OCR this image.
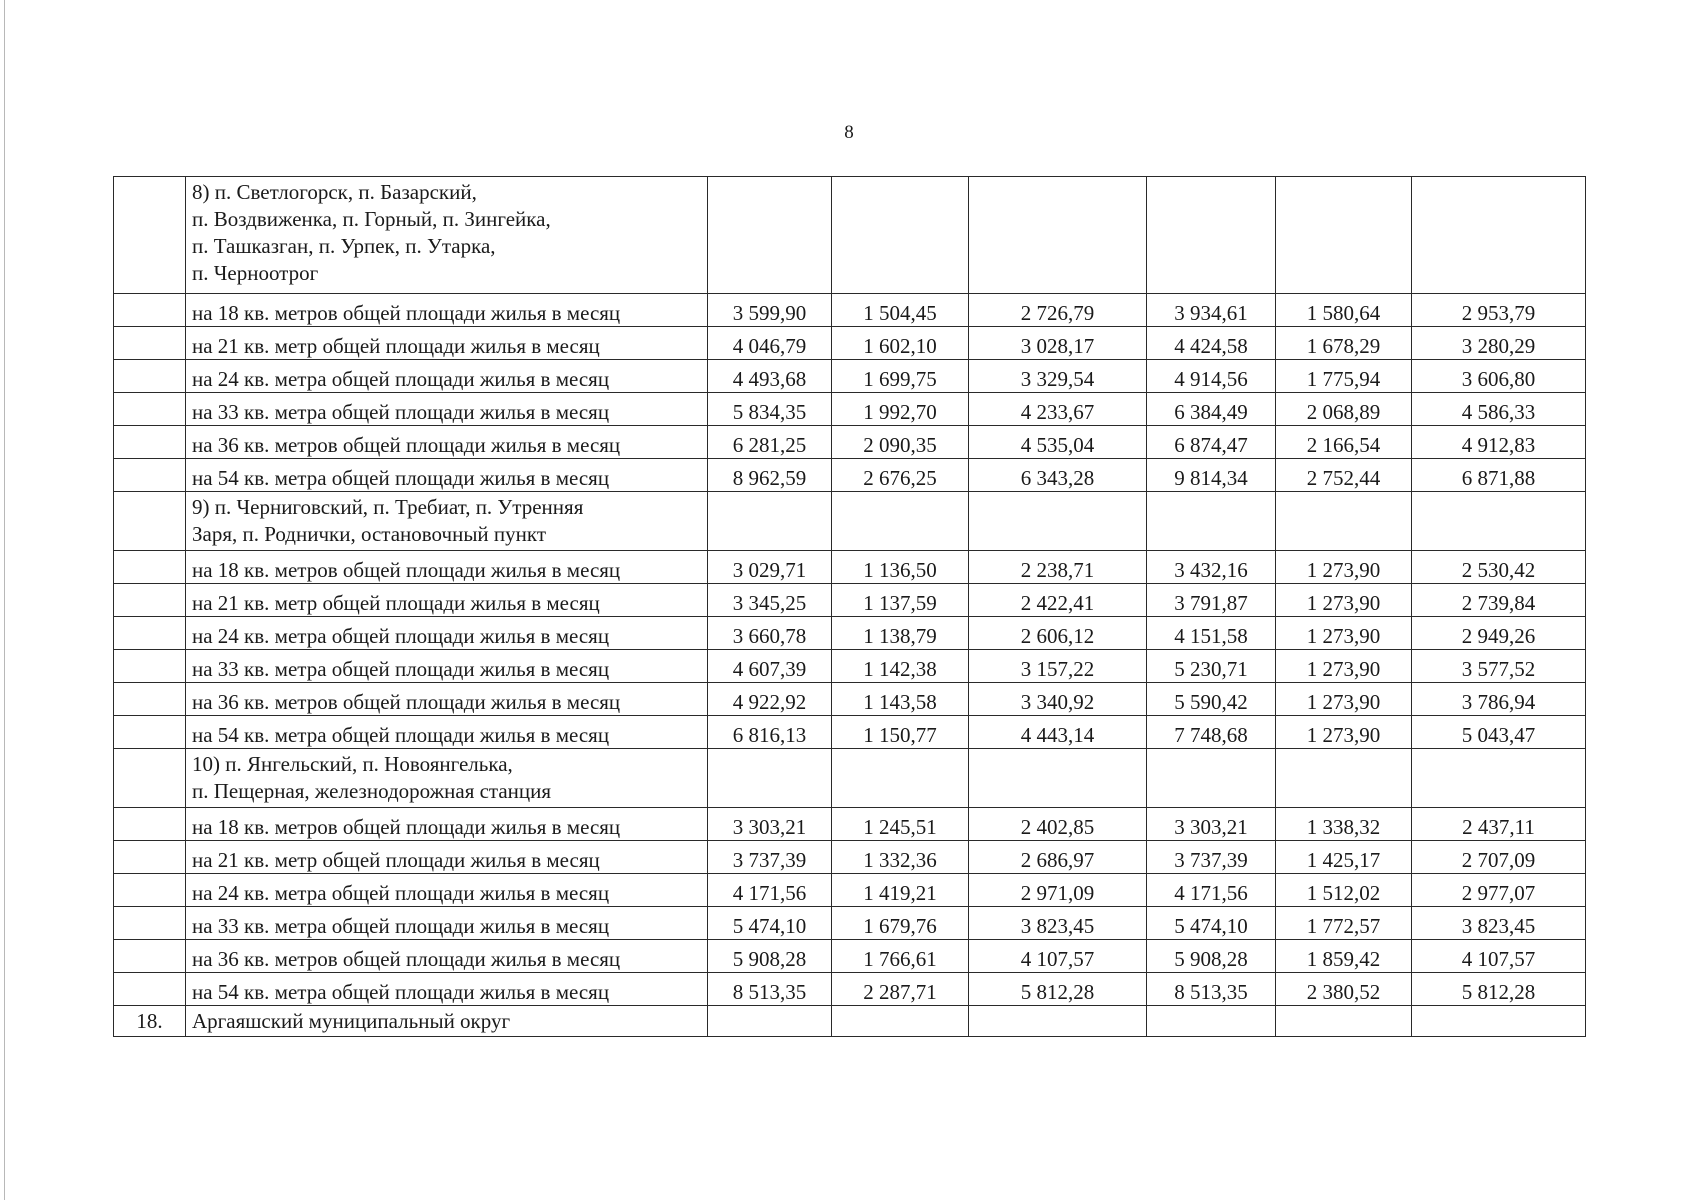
8

	8) п. Светлогорск, п. Базарский,
п. Воздвиженка, п. Горный, п. Зингейка,
п. Ташказган, п. Урпек, п. Утарка,
п. Черноотрог						

	на 18 кв. метров общей площади жилья в месяц	3 599,90	1 504,45	2 726,79	3 934,61	1 580,64	2 953,79
	на 21 кв. метр общей площади жилья в месяц	4 046,79	1 602,10	3 028,17	4 424,58	1 678,29	3 280,29
	на 24 кв. метра общей площади жилья в месяц	4 493,68	1 699,75	3 329,54	4 914,56	1 775,94	3 606,80
	на 33 кв. метра общей площади жилья в месяц	5 834,35	1 992,70	4 233,67	6 384,49	2 068,89	4 586,33
	на 36 кв. метров общей площади жилья в месяц	6 281,25	2 090,35	4 535,04	6 874,47	2 166,54	4 912,83
	на 54 кв. метра общей площади жилья в месяц	8 962,59	2 676,25	6 343,28	9 814,34	2 752,44	6 871,88

	9) п. Черниговский, п. Требиат, п. Утренняя
Заря, п. Роднички, остановочный пункт						

	на 18 кв. метров общей площади жилья в месяц	3 029,71	1 136,50	2 238,71	3 432,16	1 273,90	2 530,42
	на 21 кв. метр общей площади жилья в месяц	3 345,25	1 137,59	2 422,41	3 791,87	1 273,90	2 739,84
	на 24 кв. метра общей площади жилья в месяц	3 660,78	1 138,79	2 606,12	4 151,58	1 273,90	2 949,26
	на 33 кв. метра общей площади жилья в месяц	4 607,39	1 142,38	3 157,22	5 230,71	1 273,90	3 577,52
	на 36 кв. метров общей площади жилья в месяц	4 922,92	1 143,58	3 340,92	5 590,42	1 273,90	3 786,94
	на 54 кв. метра общей площади жилья в месяц	6 816,13	1 150,77	4 443,14	7 748,68	1 273,90	5 043,47

	10) п. Янгельский, п. Новоянгелька,
п. Пещерная, железнодорожная станция						

	на 18 кв. метров общей площади жилья в месяц	3 303,21	1 245,51	2 402,85	3 303,21	1 338,32	2 437,11
	на 21 кв. метр общей площади жилья в месяц	3 737,39	1 332,36	2 686,97	3 737,39	1 425,17	2 707,09
	на 24 кв. метра общей площади жилья в месяц	4 171,56	1 419,21	2 971,09	4 171,56	1 512,02	2 977,07
	на 33 кв. метра общей площади жилья в месяц	5 474,10	1 679,76	3 823,45	5 474,10	1 772,57	3 823,45
	на 36 кв. метров общей площади жилья в месяц	5 908,28	1 766,61	4 107,57	5 908,28	1 859,42	4 107,57
	на 54 кв. метра общей площади жилья в месяц	8 513,35	2 287,71	5 812,28	8 513,35	2 380,52	5 812,28
18.	Аргаяшский муниципальный округ						
